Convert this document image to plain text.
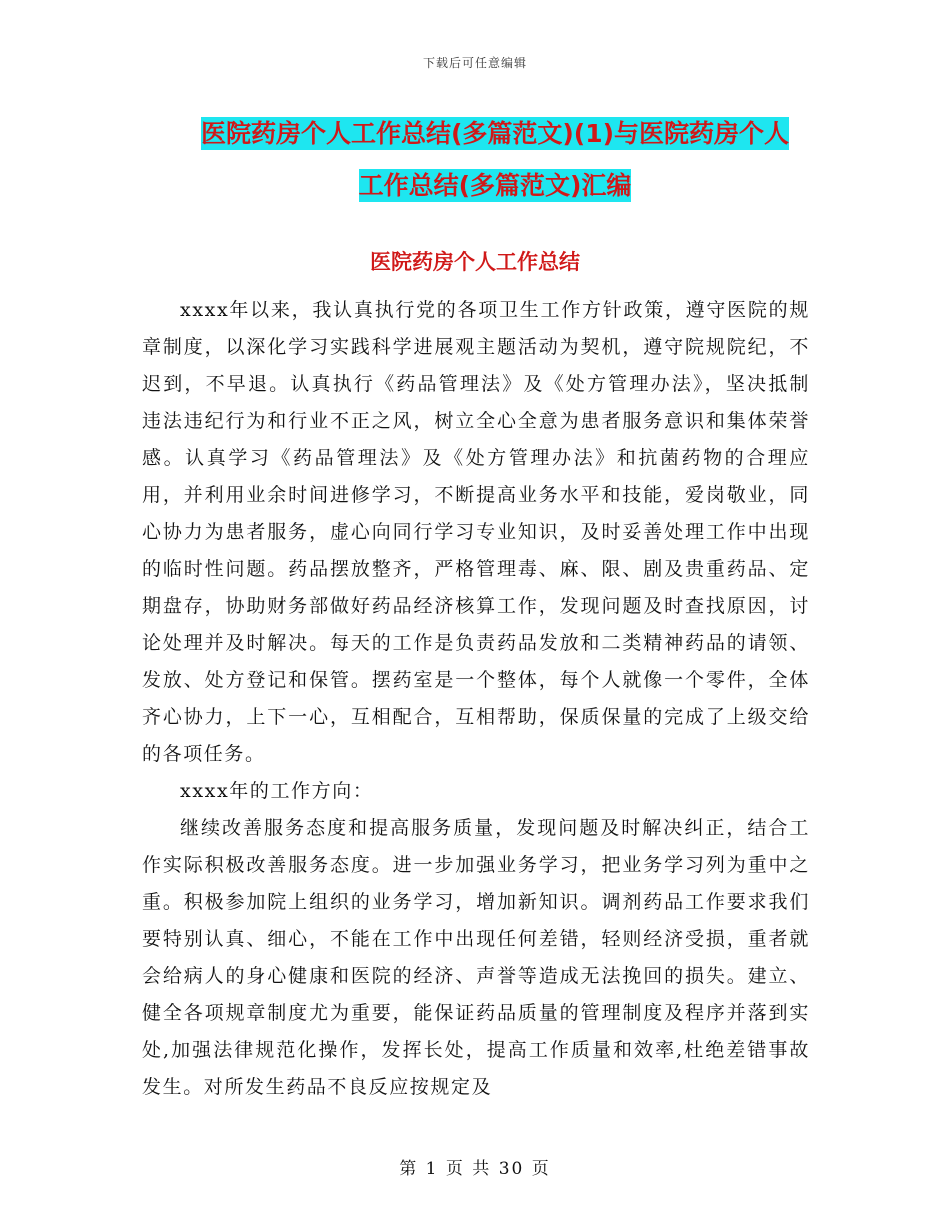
下载后可任意编辑
医院药房个人工作总结(多篇范文)(1)与医院药房个人
工作总结(多篇范文)汇编
医院药房个人工作总结

xxxx年以来，我认真执行党的各项卫生工作方针政策，遵守医院的规章制度，以深化学习实践科学进展观主题活动为契机，遵守院规院纪，不迟到，不早退。认真执行《药品管理法》及《处方管理办法》，坚决抵制违法违纪行为和行业不正之风，树立全心全意为患者服务意识和集体荣誉感。认真学习《药品管理法》及《处方管理办法》和抗菌药物的合理应用，并利用业余时间进修学习，不断提高业务水平和技能，爱岗敬业，同心协力为患者服务，虚心向同行学习专业知识，及时妥善处理工作中出现的临时性问题。药品摆放整齐，严格管理毒、麻、限、剧及贵重药品、定期盘存，协助财务部做好药品经济核算工作，发现问题及时查找原因，讨论处理并及时解决。每天的工作是负责药品发放和二类精神药品的请领、发放、处方登记和保管。摆药室是一个整体，每个人就像一个零件，全体齐心协力，上下一心，互相配合，互相帮助，保质保量的完成了上级交给的各项任务。

xxxx年的工作方向：

继续改善服务态度和提高服务质量，发现问题及时解决纠正，结合工作实际积极改善服务态度。进一步加强业务学习，把业务学习列为重中之重。积极参加院上组织的业务学习，增加新知识。调剂药品工作要求我们要特别认真、细心，不能在工作中出现任何差错，轻则经济受损，重者就会给病人的身心健康和医院的经济、声誉等造成无法挽回的损失。建立、健全各项规章制度尤为重要，能保证药品质量的管理制度及程序并落到实处,加强法律规范化操作，发挥长处，提高工作质量和效率,杜绝差错事故发生。对所发生药品不良反应按规定及

第 1 页 共 30 页
